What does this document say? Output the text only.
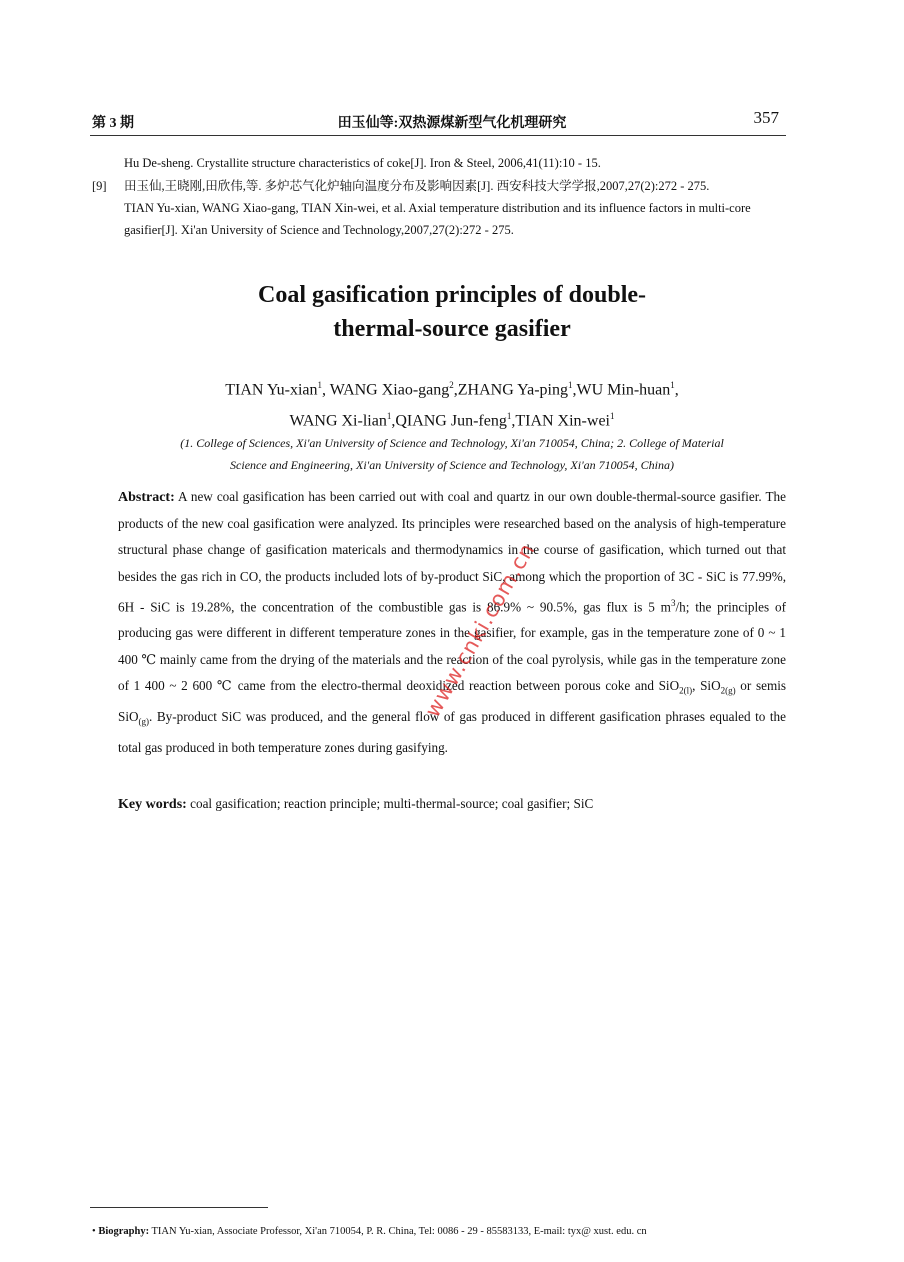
第 3 期	田玉仙等:双热源煤新型气化机理研究	357
Hu De-sheng. Crystallite structure characteristics of coke[J]. Iron & Steel, 2006,41(11):10 - 15.
[9] 田玉仙,王晓刚,田欣伟,等. 多炉芯气化炉轴向温度分布及影响因素[J]. 西安科技大学学报,2007,27(2):272 - 275.
TIAN Yu-xian, WANG Xiao-gang, TIAN Xin-wei, et al. Axial temperature distribution and its influence factors in multi-core
gasifier[J]. Xi'an University of Science and Technology,2007,27(2):272 - 275.
Coal gasification principles of double-
thermal-source gasifier
TIAN Yu-xian$^1$, WANG Xiao-gang$^2$,ZHANG Ya-ping$^1$,WU Min-huan$^1$,
WANG Xi-lian$^1$,QIANG Jun-feng$^1$,TIAN Xin-wei$^1$
(1. College of Sciences, Xi'an University of Science and Technology, Xi'an 710054, China; 2. College of Material
Science and Engineering, Xi'an University of Science and Technology, Xi'an 710054, China)
Abstract: A new coal gasification has been carried out with coal and quartz in our own double-thermal-source gasifier. The products of the new coal gasification were analyzed. Its principles were researched based on the analysis of high-temperature structural phase change of gasification matericals and thermodynamics in the course of gasification, which turned out that besides the gas rich in CO, the products included lots of by-product SiC, among which the proportion of 3C - SiC is 77.99%, 6H - SiC is 19.28%, the concentration of the combustible gas is 86.9% ~ 90.5%, gas flux is 5 $m^3/h$; the principles of producing gas were different in different temperature zones in the gasifier, for example, gas in the temperature zone of 0 ~ 1 400 ℃ mainly came from the drying of the materials and the reaction of the coal pyrolysis, while gas in the temperature zone of 1 400 ~ 2 600 ℃ came from the electro-thermal deoxidized reaction between porous coke and SiO$_{2(l)}$, SiO$_{2(g)}$ or semis SiO$_{(g)}$. By-product SiC was produced, and the general flow of gas produced in different gasification phrases equaled to the total gas produced in both temperature zones during gasifying.
Key words: coal gasification; reaction principle; multi-thermal-source; coal gasifier; SiC
www.cnki.com.cn
• Biography: TIAN Yu-xian, Associate Professor, Xi'an 710054, P. R. China, Tel: 0086 - 29 - 85583133, E-mail: tyx@ xust. edu. cn
